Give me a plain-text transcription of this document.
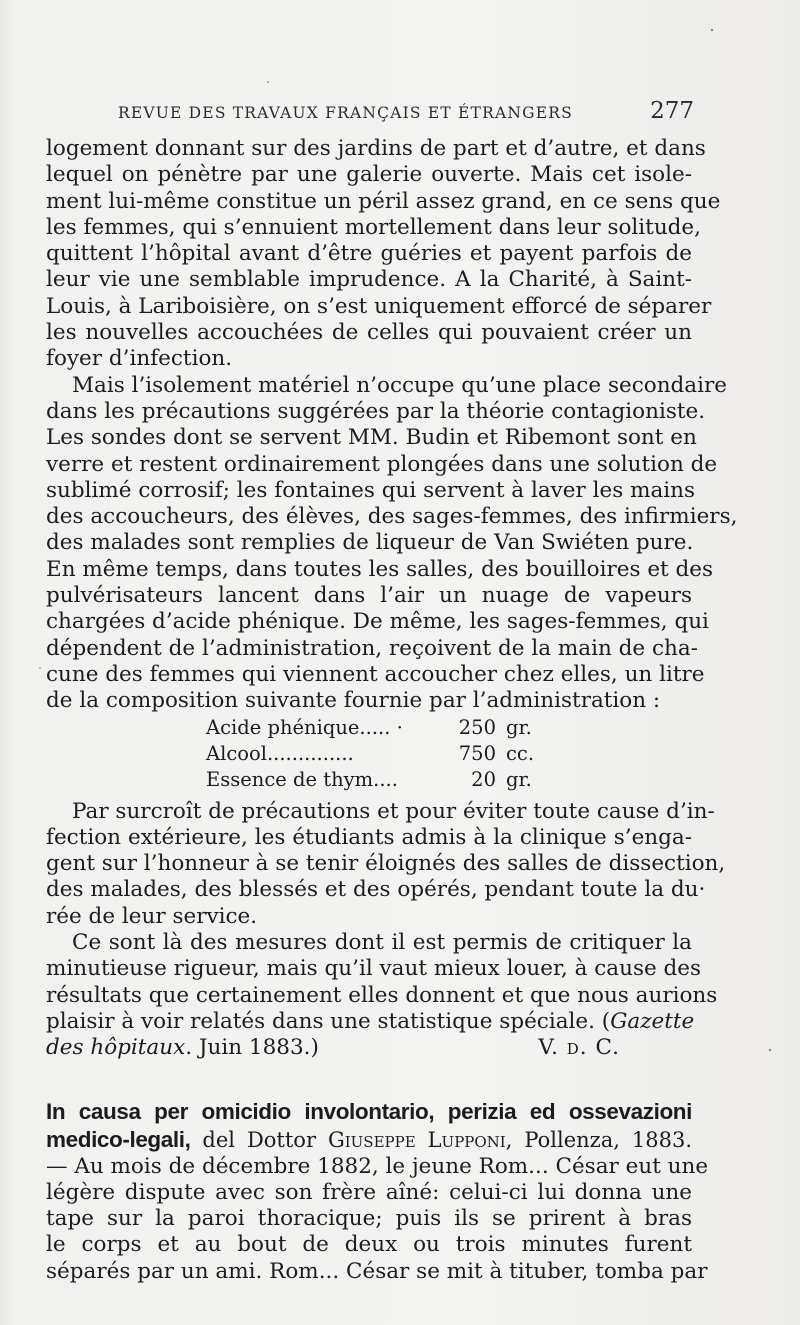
REVUE DES TRAVAUX FRANÇAIS ET ÉTRANGERS	277
logement donnant sur des jardins de part et d’autre, et dans
lequel on pénètre par une galerie ouverte. Mais cet isole-
ment lui-même constitue un péril assez grand, en ce sens que
les femmes, qui s’ennuient mortellement dans leur solitude,
quittent l’hôpital avant d’être guéries et payent parfois de
leur vie une semblable imprudence. A la Charité, à Saint-
Louis, à Lariboisière, on s’est uniquement efforcé de séparer
les nouvelles accouchées de celles qui pouvaient créer un
foyer d’infection.
Mais l’isolement matériel n’occupe qu’une place secondaire
dans les précautions suggérées par la théorie contagioniste.
Les sondes dont se servent MM. Budin et Ribemont sont en
verre et restent ordinairement plongées dans une solution de
sublimé corrosif; les fontaines qui servent à laver les mains
des accoucheurs, des élèves, des sages-femmes, des infirmiers,
des malades sont remplies de liqueur de Van Swiéten pure.
En même temps, dans toutes les salles, des bouilloires et des
pulvérisateurs lancent dans l’air un nuage de vapeurs
chargées d’acide phénique. De même, les sages-femmes, qui
dépendent de l’administration, reçoivent de la main de cha-
cune des femmes qui viennent accoucher chez elles, un litre
de la composition suivante fournie par l’administration :
Acide phénique..... ·	250 gr.
Alcool..............	750 cc.
Essence de thym....	20 gr.
Par surcroît de précautions et pour éviter toute cause d’in-
fection extérieure, les étudiants admis à la clinique s’enga-
gent sur l’honneur à se tenir éloignés des salles de dissection,
des malades, des blessés et des opérés, pendant toute la du·
rée de leur service.
Ce sont là des mesures dont il est permis de critiquer la
minutieuse rigueur, mais qu’il vaut mieux louer, à cause des
résultats que certainement elles donnent et que nous aurions
plaisir à voir relatés dans une statistique spéciale. (Gazette
des hôpitaux. Juin 1883.)	V. d. C.
In causa per omicidio involontario, perizia ed ossevazioni
medico-legali, del Dottor Giuseppe Lupponi, Pollenza, 1883.
— Au mois de décembre 1882, le jeune Rom... César eut une
légère dispute avec son frère aîné: celui-ci lui donna une
tape sur la paroi thoracique; puis ils se prirent à bras
le corps et au bout de deux ou trois minutes furent
séparés par un ami. Rom... César se mit à tituber, tomba par
